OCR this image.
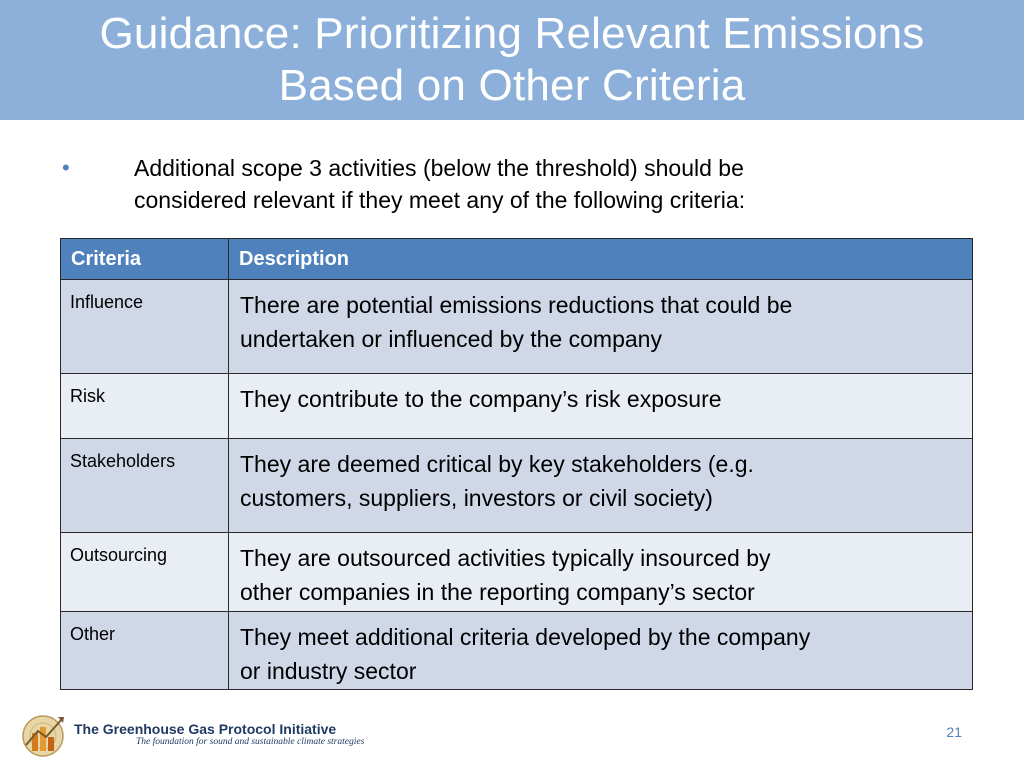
Guidance: Prioritizing Relevant Emissions
Based on Other Criteria
•	Additional scope 3 activities (below the threshold) should be
considered relevant if they meet any of the following criteria:
Criteria	Description
Influence	There are potential emissions reductions that could be
undertaken or influenced by the company
Risk	They contribute to the company’s risk exposure
Stakeholders	They are deemed critical by key stakeholders (e.g.
customers, suppliers, investors or civil society)
Outsourcing	They are outsourced activities typically insourced by
other companies in the reporting company’s sector
Other	They meet additional criteria developed by the company
or industry sector
The Greenhouse Gas Protocol Initiative
The foundation for sound and sustainable climate strategies
21
